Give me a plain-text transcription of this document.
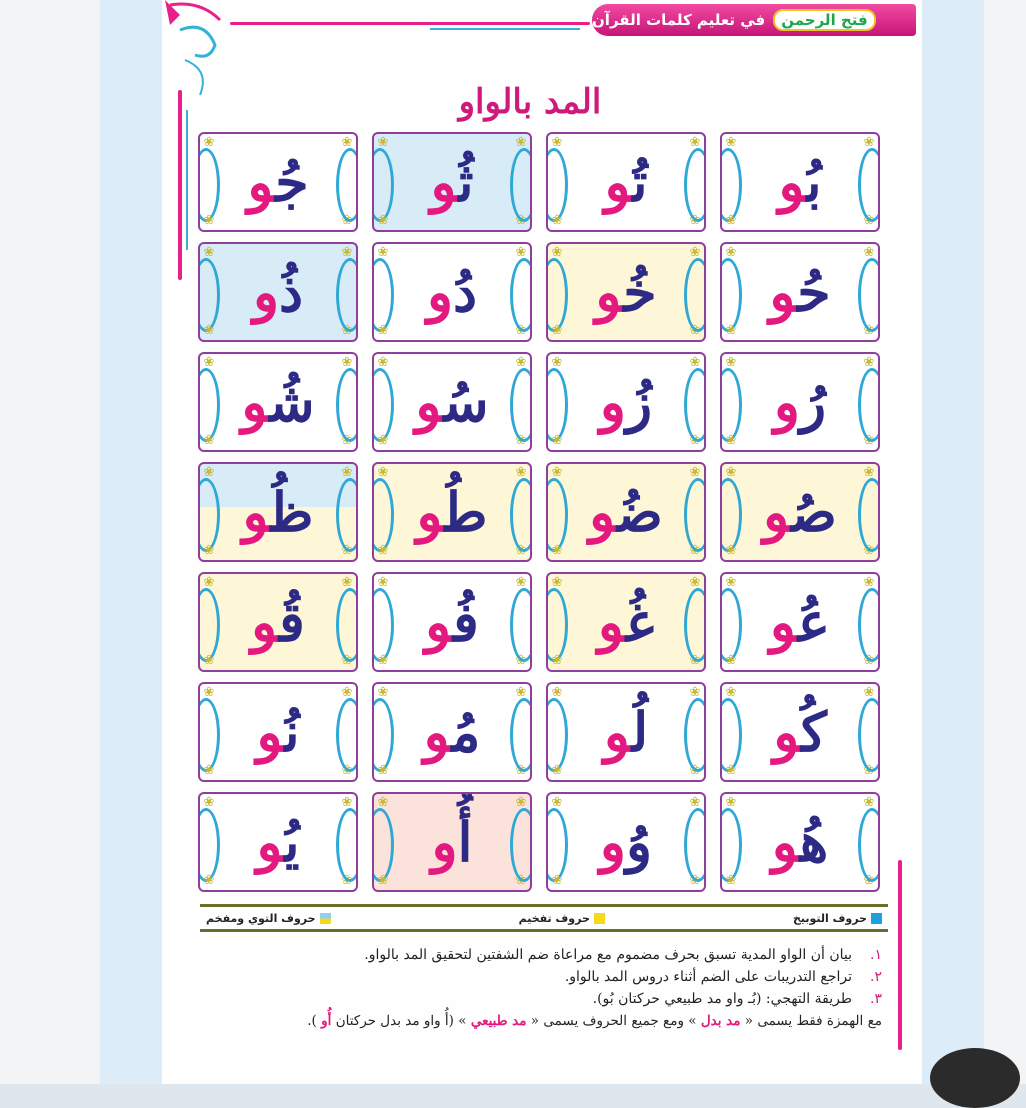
فتح الرحمن
في تعليم كلمات القرآن
المد بالواو
❀	❀
❀	❀
جُو
❀	❀
❀	❀
ثُو
❀	❀
❀	❀
تُو
❀	❀
❀	❀
بُو
❀	❀
❀	❀
ذُو
❀	❀
❀	❀
دُو
❀	❀
❀	❀
خُو
❀	❀
❀	❀
حُو
❀	❀
❀	❀
شُو
❀	❀
❀	❀
سُو
❀	❀
❀	❀
زُو
❀	❀
❀	❀
رُو
❀	❀
❀	❀
ظُو
❀	❀
❀	❀
طُو
❀	❀
❀	❀
ضُو
❀	❀
❀	❀
صُو
❀	❀
❀	❀
قُو
❀	❀
❀	❀
فُو
❀	❀
❀	❀
غُو
❀	❀
❀	❀
عُو
❀	❀
❀	❀
نُو
❀	❀
❀	❀
مُو
❀	❀
❀	❀
لُو
❀	❀
❀	❀
كُو
❀	❀
❀	❀
يُو
❀	❀
❀	❀
أُو
❀	❀
❀	❀
وُو
❀	❀
❀	❀
هُو
حروف التوبيخ
حروف تفخيم
حروف التوي ومفخم
١.
بيان أن الواو المدية تسبق بحرف مضموم مع مراعاة ضم الشفتين لتحقيق المد بالواو.
٢.
تراجع التدريبات على الضم أثناء دروس المد بالواو.
٣.
طريقة التهجي: (بُـ واو مد طبيعي حركتان بُو).
مع الهمزة فقط يسمى « مد بدل » ومع جميع الحروف يسمى « مد طبيعي » (أُ واو مد بدل حركتان أُو ).
